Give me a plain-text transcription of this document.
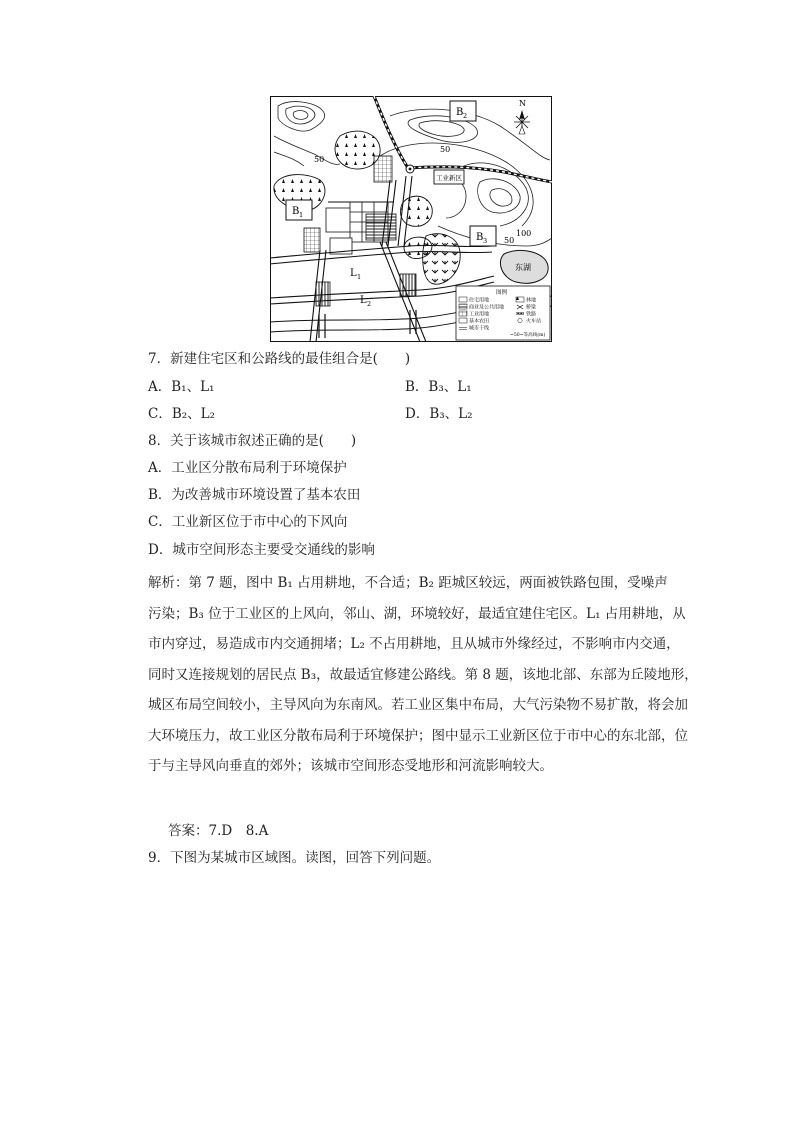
50
50
50
100
B 2
B 1
B 3
工业新区
L 1
L 2
东湖
N
图例
住宅用地
商业及公共用地
工业用地
基本农田
城市干线
林地
桥梁
铁路
火车站
~50~等高线(m)
7．新建住宅区和公路线的最佳组合是(　　)
A．B₁、L₁	B．B₃、L₁
C．B₂、L₂	D．B₃、L₂
8．关于该城市叙述正确的是(　　)
A．工业区分散布局利于环境保护
B．为改善城市环境设置了基本农田
C．工业新区位于市中心的下风向
D．城市空间形态主要受交通线的影响
解析：第 7 题，图中 B₁ 占用耕地，不合适；B₂ 距城区较远，两面被铁路包围，受噪声
污染；B₃ 位于工业区的上风向，邻山、湖，环境较好，最适宜建住宅区。L₁ 占用耕地，从
市内穿过，易造成市内交通拥堵；L₂ 不占用耕地，且从城市外缘经过，不影响市内交通，
同时又连接规划的居民点 B₃，故最适宜修建公路线。第 8 题，该地北部、东部为丘陵地形，
城区布局空间较小，主导风向为东南风。若工业区集中布局，大气污染物不易扩散，将会加
大环境压力，故工业区分散布局利于环境保护；图中显示工业新区位于市中心的东北部，位
于与主导风向垂直的郊外；该城市空间形态受地形和河流影响较大。
答案：7.D　8.A
9．下图为某城市区域图。读图，回答下列问题。
